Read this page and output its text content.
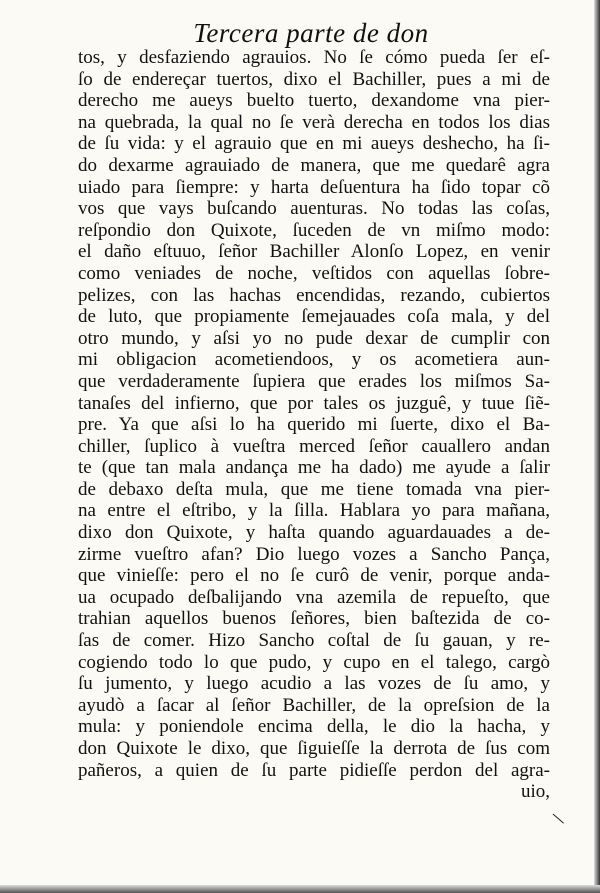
Tercera parte de don
tos, y desfaziendo agrauios. No ſe cómo pueda ſer eſ-
ſo de endereçar tuertos, dixo el Bachiller, pues a mi de
derecho me aueys buelto tuerto, dexandome vna pier-
na quebrada, la qual no ſe verà derecha en todos los dias
de ſu vida: y el agrauio que en mi aueys deshecho, ha ſi-
do dexarme agrauiado de manera, que me quedarê agra
uiado para ſiempre: y harta deſuentura ha ſido topar cõ
vos que vays buſcando auenturas. No todas las coſas,
reſpondio don Quixote, ſuceden de vn miſmo modo:
el daño eſtuuo, ſeñor Bachiller Alonſo Lopez, en venir
como veniades de noche, veſtidos con aquellas ſobre-
pelizes, con las hachas encendidas, rezando, cubiertos
de luto, que propiamente ſemejauades coſa mala, y del
otro mundo, y aſsi yo no pude dexar de cumplir con
mi obligacion acometiendoos, y os acometiera aun-
que verdaderamente ſupiera que erades los miſmos Sa-
tanaſes del infierno, que por tales os juzguê, y tuue ſiẽ-
pre. Ya que aſsi lo ha querido mi ſuerte, dixo el Ba-
chiller, ſuplico à vueſtra merced ſeñor cauallero andan
te (que tan mala andança me ha dado) me ayude a ſalir
de debaxo deſta mula, que me tiene tomada vna pier-
na entre el eſtribo, y la ſilla. Hablara yo para mañana,
dixo don Quixote, y haſta quando aguardauades a de-
zirme vueſtro afan? Dio luego vozes a Sancho Pança,
que vinieſſe: pero el no ſe curô de venir, porque anda-
ua ocupado deſbalijando vna azemila de repueſto, que
trahian aquellos buenos ſeñores, bien baſtezida de co-
ſas de comer. Hizo Sancho coſtal de ſu gauan, y re-
cogiendo todo lo que pudo, y cupo en el talego, cargò
ſu jumento, y luego acudio a las vozes de ſu amo, y
ayudò a ſacar al ſeñor Bachiller, de la opreſsion de la
mula: y poniendole encima della, le dio la hacha, y
don Quixote le dixo, que ſiguieſſe la derrota de ſus com
pañeros, a quien de ſu parte pidieſſe perdon del agra-
uio,
\
